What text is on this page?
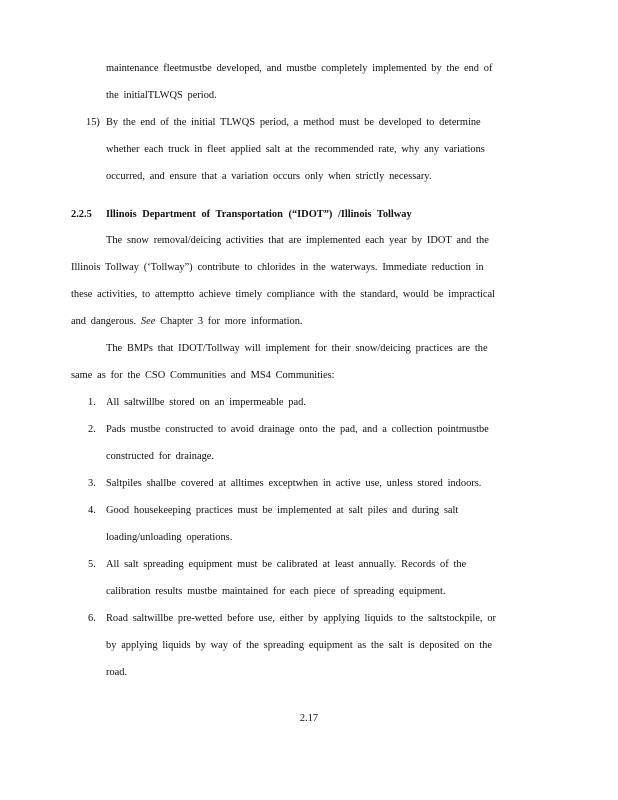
maintenance fleetmustbe developed, and mustbe completely implemented by the end of
the initialTLWQS period.
15) By the end of the initial TLWQS period, a method must be developed to determine
whether each truck in fleet applied salt at the recommended rate, why any variations
occurred, and ensure that a variation occurs only when strictly necessary.
2.2.5 Illinois Department of Transportation (“IDOT”) /Illinois Tollway
The snow removal/deicing activities that are implemented each year by IDOT and the
Illinois Tollway (‘Tollway”) contribute to chlorides in the waterways. Immediate reduction in
these activities, to attemptto achieve timely compliance with the standard, would be impractical
and dangerous. See Chapter 3 for more information.
The BMPs that IDOT/Tollway will implement for their snow/deicing practices are the
same as for the CSO Communities and MS4 Communities:
1. All saltwillbe stored on an impermeable pad.
2. Pads mustbe constructed to avoid drainage onto the pad, and a collection pointmustbe
constructed for drainage.
3. Saltpiles shallbe covered at alltimes exceptwhen in active use, unless stored indoors.
4. Good housekeeping practices must be implemented at salt piles and during salt
loading/unloading operations.
5. All salt spreading equipment must be calibrated at least annually. Records of the
calibration results mustbe maintained for each piece of spreading equipment.
6. Road saltwillbe pre-wetted before use, either by applying liquids to the saltstockpile, or
by applying liquids by way of the spreading equipment as the salt is deposited on the
road.
2.17
